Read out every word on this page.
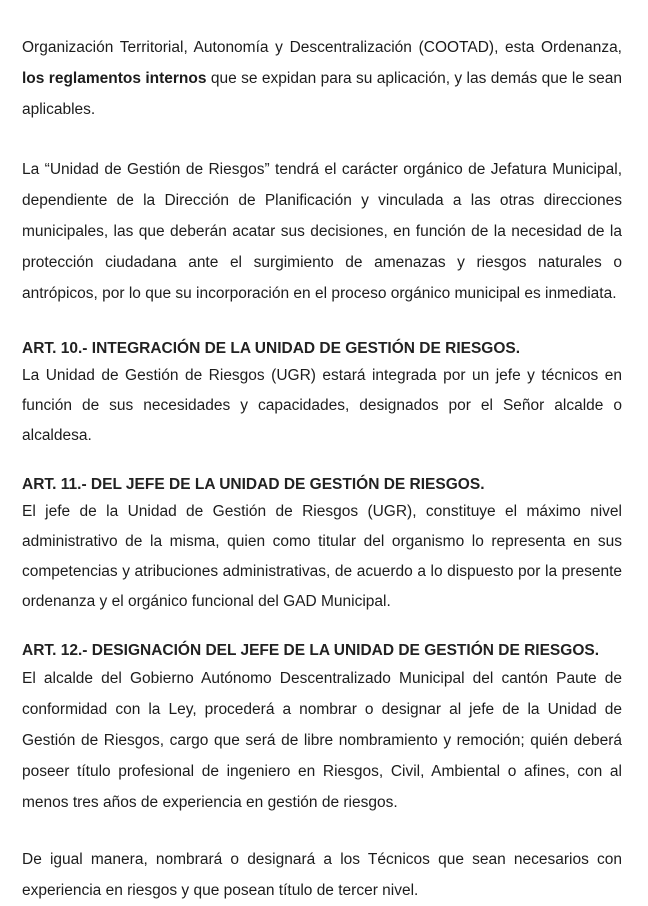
Organización Territorial, Autonomía y Descentralización (COOTAD), esta Ordenanza, los reglamentos internos que se expidan para su aplicación, y las demás que le sean aplicables.

La “Unidad de Gestión de Riesgos” tendrá el carácter orgánico de Jefatura Municipal, dependiente de la Dirección de Planificación y vinculada a las otras direcciones municipales, las que deberán acatar sus decisiones, en función de la necesidad de la protección ciudadana ante el surgimiento de amenazas y riesgos naturales o antrópicos, por lo que su incorporación en el proceso orgánico municipal es inmediata.

ART. 10.- INTEGRACIÓN DE LA UNIDAD DE GESTIÓN DE RIESGOS.

La Unidad de Gestión de Riesgos (UGR) estará integrada por un jefe y técnicos en función de sus necesidades y capacidades, designados por el Señor alcalde o alcaldesa.

ART. 11.- DEL JEFE DE LA UNIDAD DE GESTIÓN DE RIESGOS.

El jefe de la Unidad de Gestión de Riesgos (UGR), constituye el máximo nivel administrativo de la misma, quien como titular del organismo lo representa en sus competencias y atribuciones administrativas, de acuerdo a lo dispuesto por la presente ordenanza y el orgánico funcional del GAD Municipal.

ART. 12.- DESIGNACIÓN DEL JEFE DE LA UNIDAD DE GESTIÓN DE RIESGOS.

El alcalde del Gobierno Autónomo Descentralizado Municipal del cantón Paute de conformidad con la Ley, procederá a nombrar o designar al jefe de la Unidad de Gestión de Riesgos, cargo que será de libre nombramiento y remoción; quién deberá poseer título profesional de ingeniero en Riesgos, Civil, Ambiental o afines, con al menos tres años de experiencia en gestión de riesgos.

De igual manera, nombrará o designará a los Técnicos que sean necesarios con experiencia en riesgos y que posean título de tercer nivel.
